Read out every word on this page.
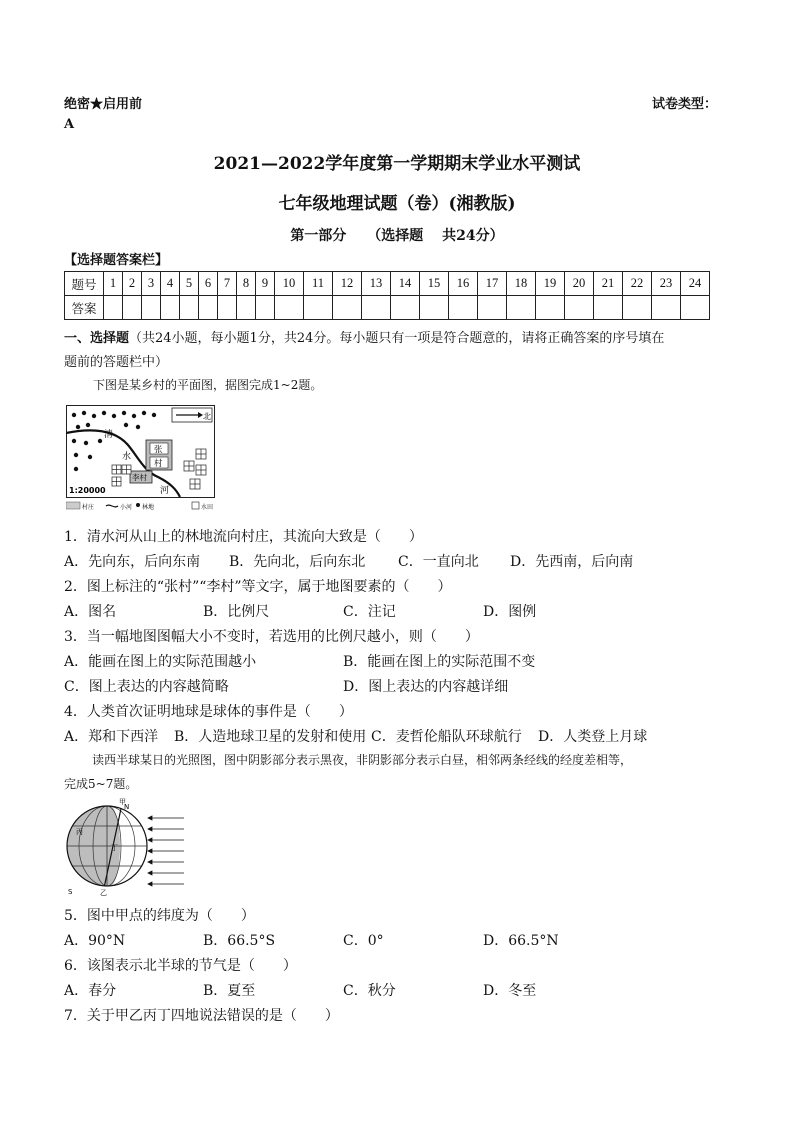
绝密★启用前
A
试卷类型：
2021—2022学年度第一学期期末学业水平测试
七年级地理试题（卷）(湘教版)
第一部分　　（选择题　 共24分）
【选择题答案栏】
题号	1	2	3	4	5	6	7	8	9	10	11	12	13	14	15	16	17	18	19	20	21	22	23	24
答案																								
一、选择题（共24小题，每小题1分，共24分。每小题只有一项是符合题意的，请将正确答案的序号填在
题前的答题栏中）
下图是某乡村的平面图，据图完成1~2题。
北
清
水
河
张
村
李村
1:20000
村庄	小河 林地	水田
1．清水河从山上的林地流向村庄，其流向大致是（　　）
A．先向东，后向东南 B．先向北，后向东北 C．一直向北 D．先西南，后向南
2．图上标注的“张村”“李村”等文字，属于地图要素的（　　）
A．图名	B．比例尺	C．注记	D．图例
3．当一幅地图图幅大小不变时，若选用的比例尺越小，则（　　）
A．能画在图上的实际范围越小	B．能画在图上的实际范围不变
C．图上表达的内容越简略	D．图上表达的内容越详细
4．人类首次证明地球是球体的事件是（　　）
A．郑和下西洋 B．人造地球卫星的发射和使用 C．麦哲伦船队环球航行 D．人类登上月球
读西半球某日的光照图，图中阴影部分表示黑夜，非阴影部分表示白昼，相邻两条经线的经度差相等，
完成5~7题。
甲
N
丙
丁
乙
S
5．图中甲点的纬度为（　　）
A．90°N	B．66.5°S	C．0°	D．66.5°N
6．该图表示北半球的节气是（　　）
A．春分	B．夏至	C．秋分	D．冬至
7．关于甲乙丙丁四地说法错误的是（　　）
